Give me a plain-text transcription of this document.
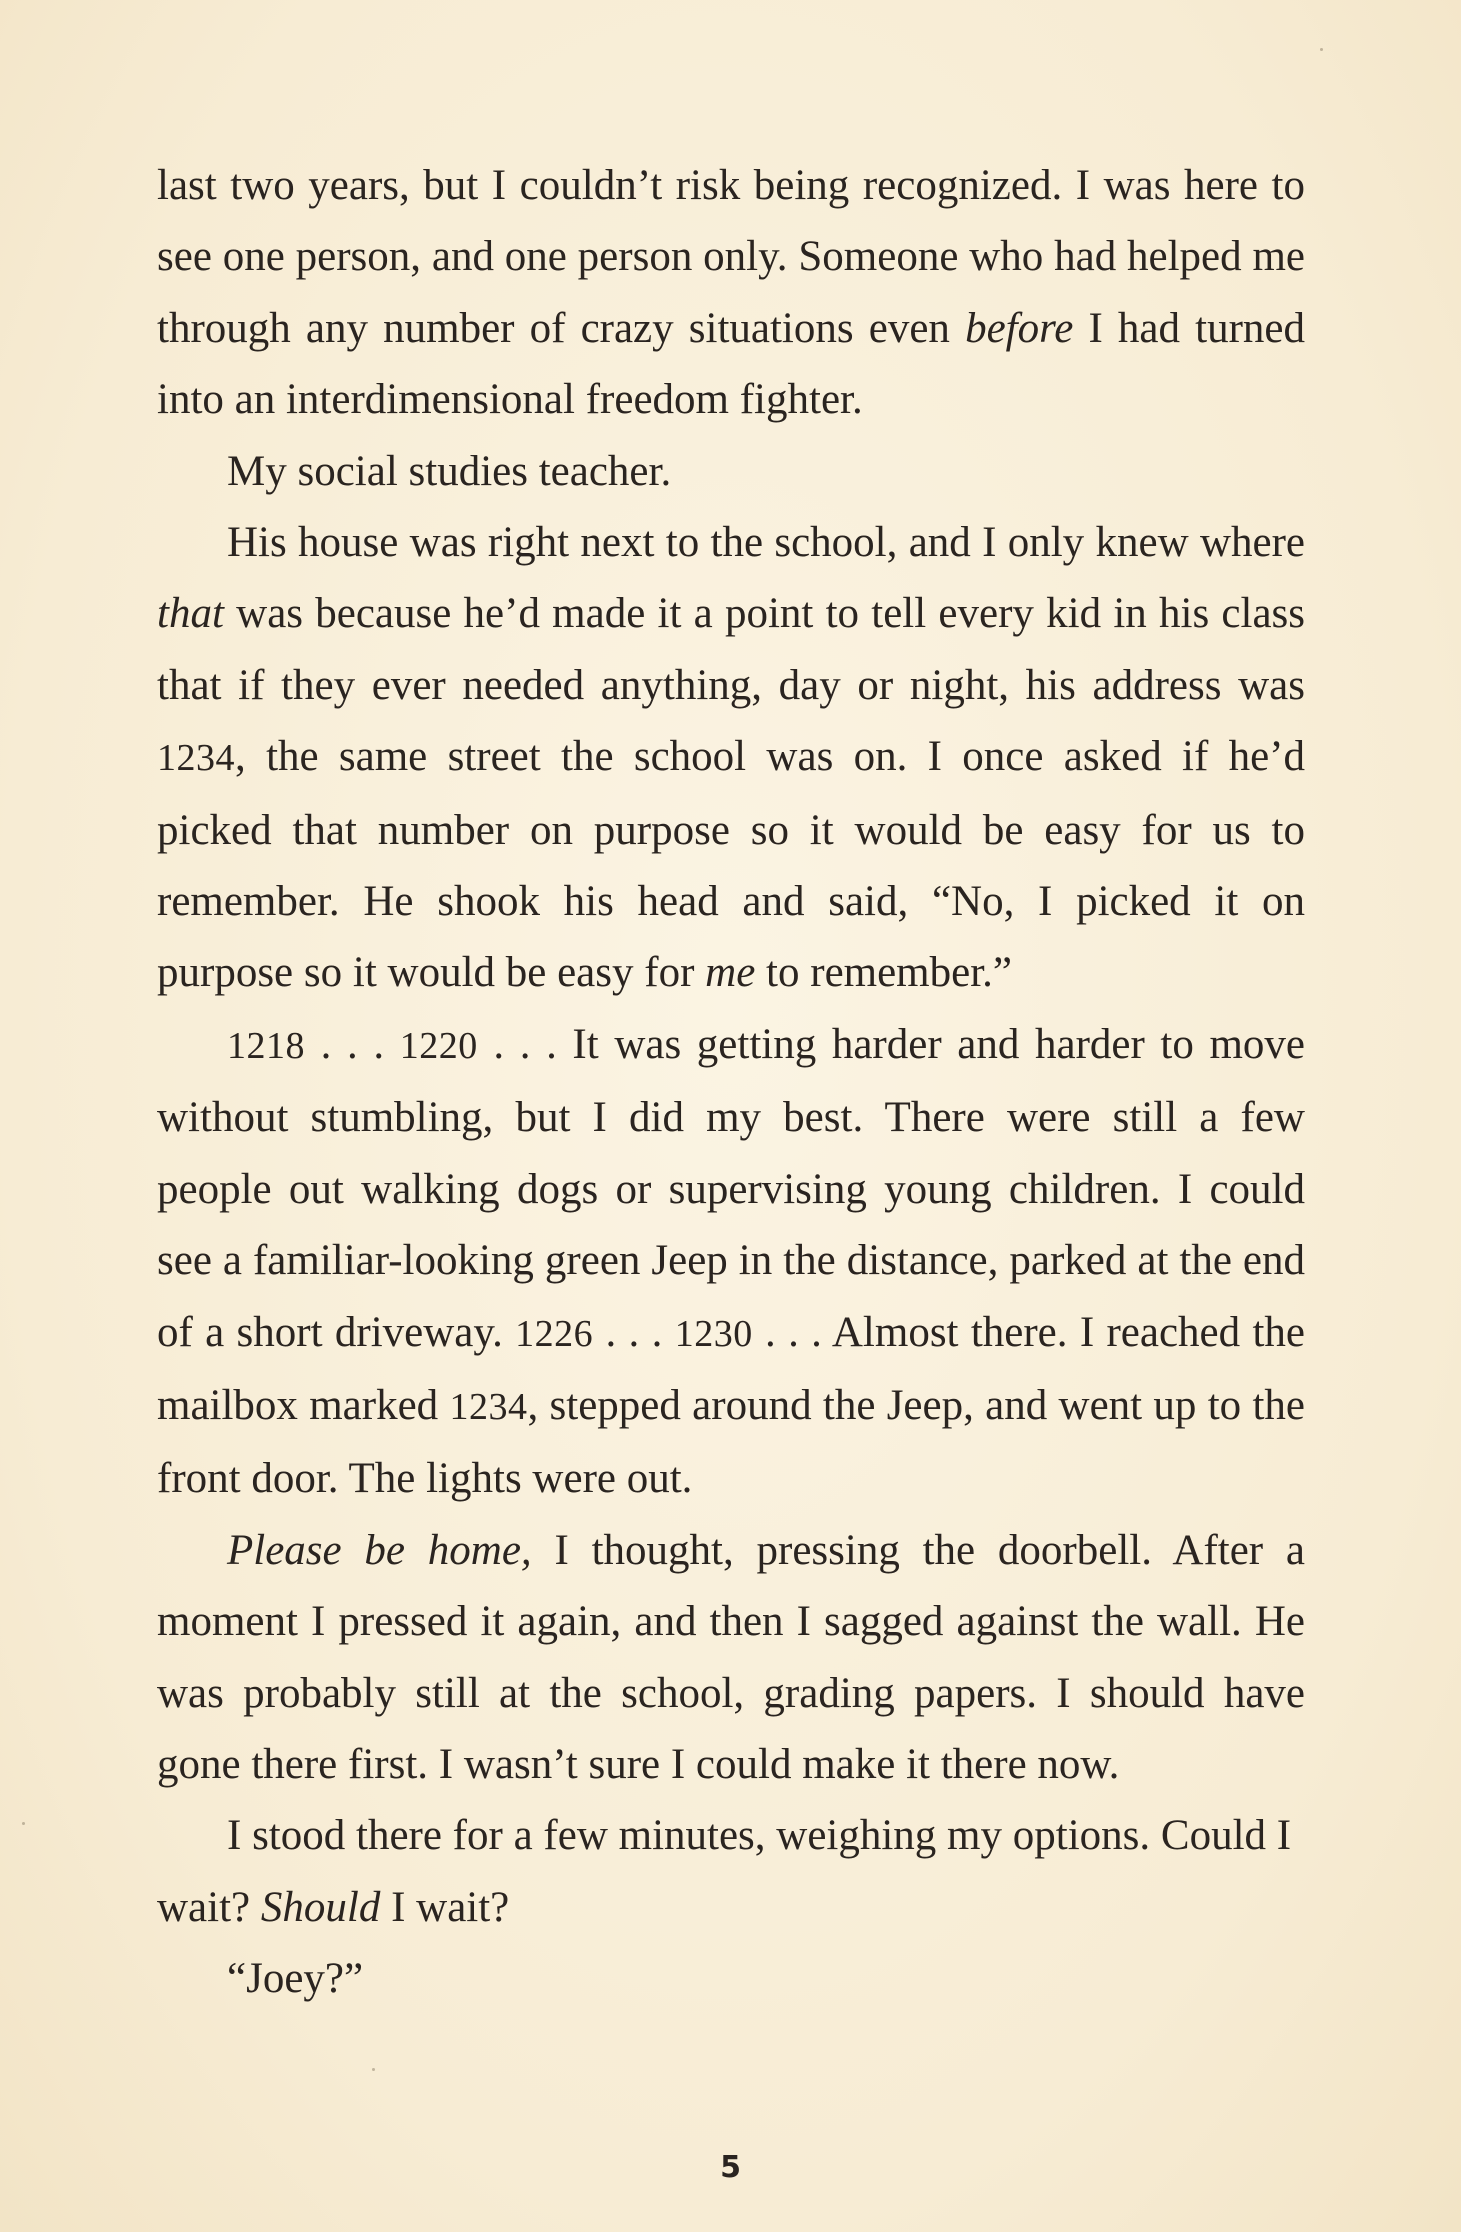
last two years, but I couldn’t risk being recognized. I was here to see one person, and one person only. Someone who had helped me through any number of crazy situations even before I had turned into an interdimensional freedom fighter.

My social studies teacher.

His house was right next to the school, and I only knew where that was because he’d made it a point to tell every kid in his class that if they ever needed anything, day or night, his address was 1234, the same street the school was on. I once asked if he’d picked that number on purpose so it would be easy for us to remember. He shook his head and said, “No, I picked it on purpose so it would be easy for me to remember.”

1218 . . . 1220 . . . It was getting harder and harder to move without stumbling, but I did my best. There were still a few people out walking dogs or supervising young children. I could see a familiar-looking green Jeep in the distance, parked at the end of a short driveway. 1226 . . . 1230 . . . Almost there. I reached the mailbox marked 1234, stepped around the Jeep, and went up to the front door. The lights were out.

Please be home, I thought, pressing the doorbell. After a moment I pressed it again, and then I sagged against the wall. He was probably still at the school, grading papers. I should have gone there first. I wasn’t sure I could make it there now.

I stood there for a few minutes, weighing my options. Could I wait? Should I wait?

“Joey?”

5
